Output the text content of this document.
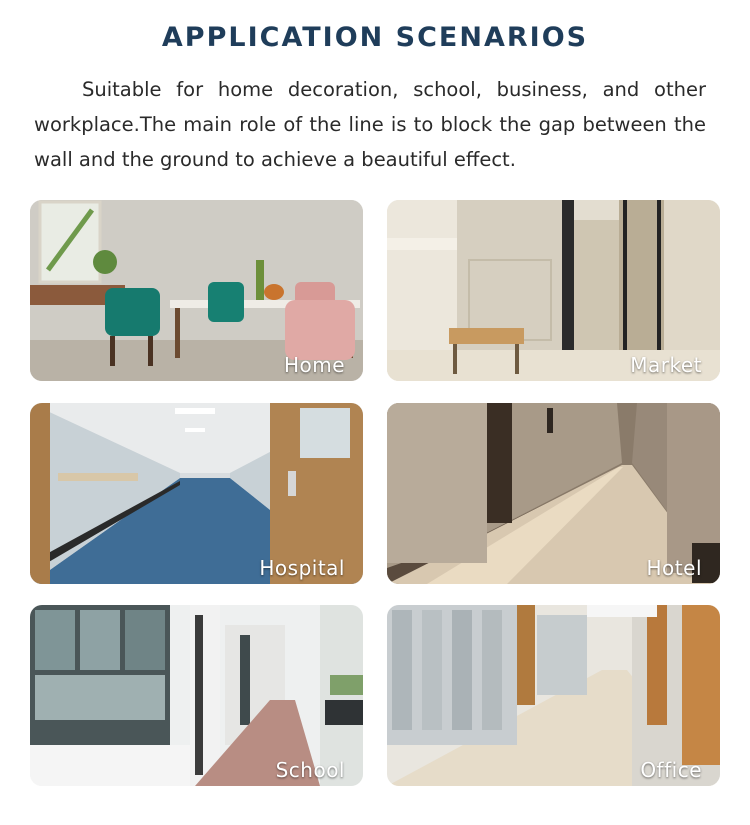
APPLICATION SCENARIOS

Suitable for home decoration, school, business, and other workplace.The main role of the line is to block the gap between the wall and the ground to achieve a beautiful effect.

Home	Market
Hospital	Hotel
School	Office
